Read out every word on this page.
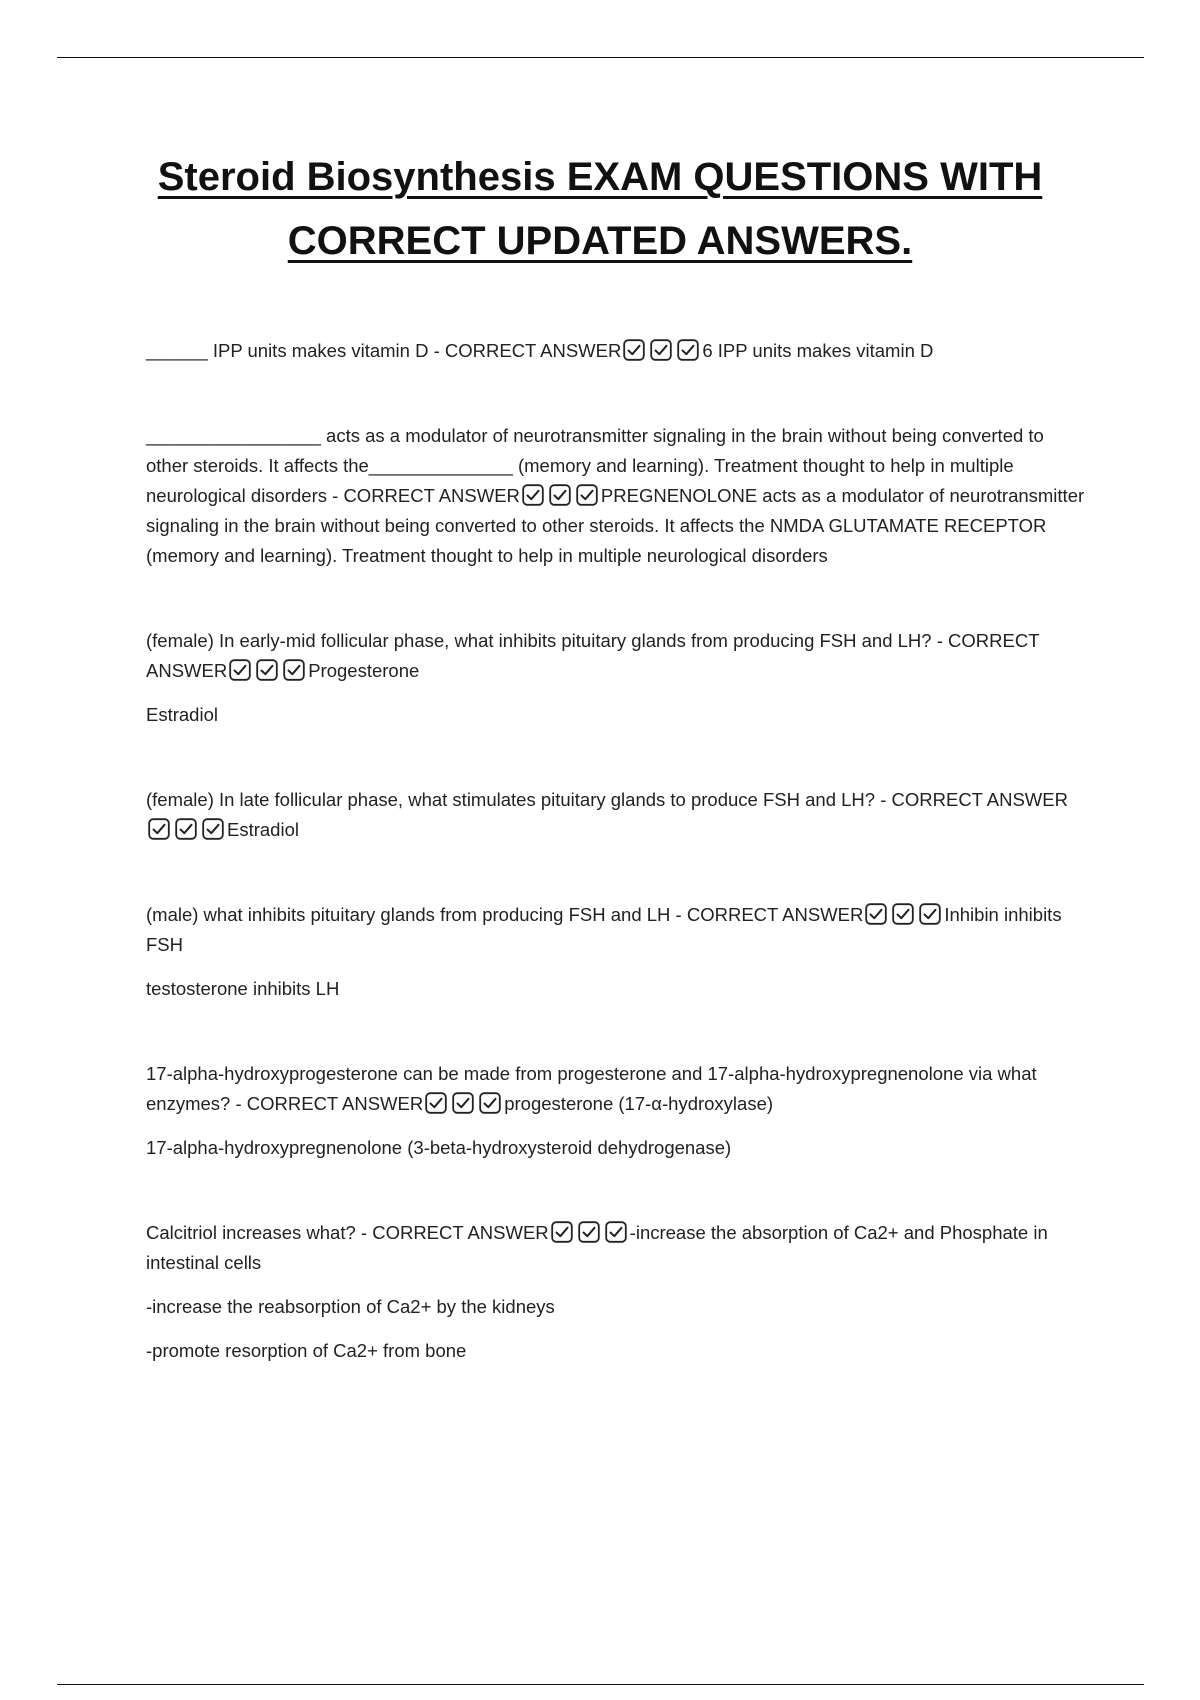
Steroid Biosynthesis EXAM QUESTIONS WITH
CORRECT UPDATED ANSWERS.

______ IPP units makes vitamin D - CORRECT ANSWER	6 IPP units makes vitamin D

_________________ acts as a modulator of neurotransmitter signaling in the brain without being converted to other steroids. It affects the______________ (memory and learning). Treatment thought to help in multiple neurological disorders - CORRECT ANSWER	PREGNENOLONE acts as a modulator of neurotransmitter signaling in the brain without being converted to other steroids. It affects the NMDA GLUTAMATE RECEPTOR (memory and learning). Treatment thought to help in multiple neurological disorders

(female) In early-mid follicular phase, what inhibits pituitary glands from producing FSH and LH? - CORRECT ANSWER	Progesterone

Estradiol

(female) In late follicular phase, what stimulates pituitary glands to produce FSH and LH? - CORRECT ANSWER
Estradiol

(male) what inhibits pituitary glands from producing FSH and LH - CORRECT ANSWER	Inhibin inhibits FSH

testosterone inhibits LH

17-alpha-hydroxyprogesterone can be made from progesterone and 17-alpha-hydroxypregnenolone via what enzymes? - CORRECT ANSWER	progesterone (17-α-hydroxylase)

17-alpha-hydroxypregnenolone (3-beta-hydroxysteroid dehydrogenase)

Calcitriol increases what? - CORRECT ANSWER	-increase the absorption of Ca2+ and Phosphate in intestinal cells

-increase the reabsorption of Ca2+ by the kidneys

-promote resorption of Ca2+ from bone
